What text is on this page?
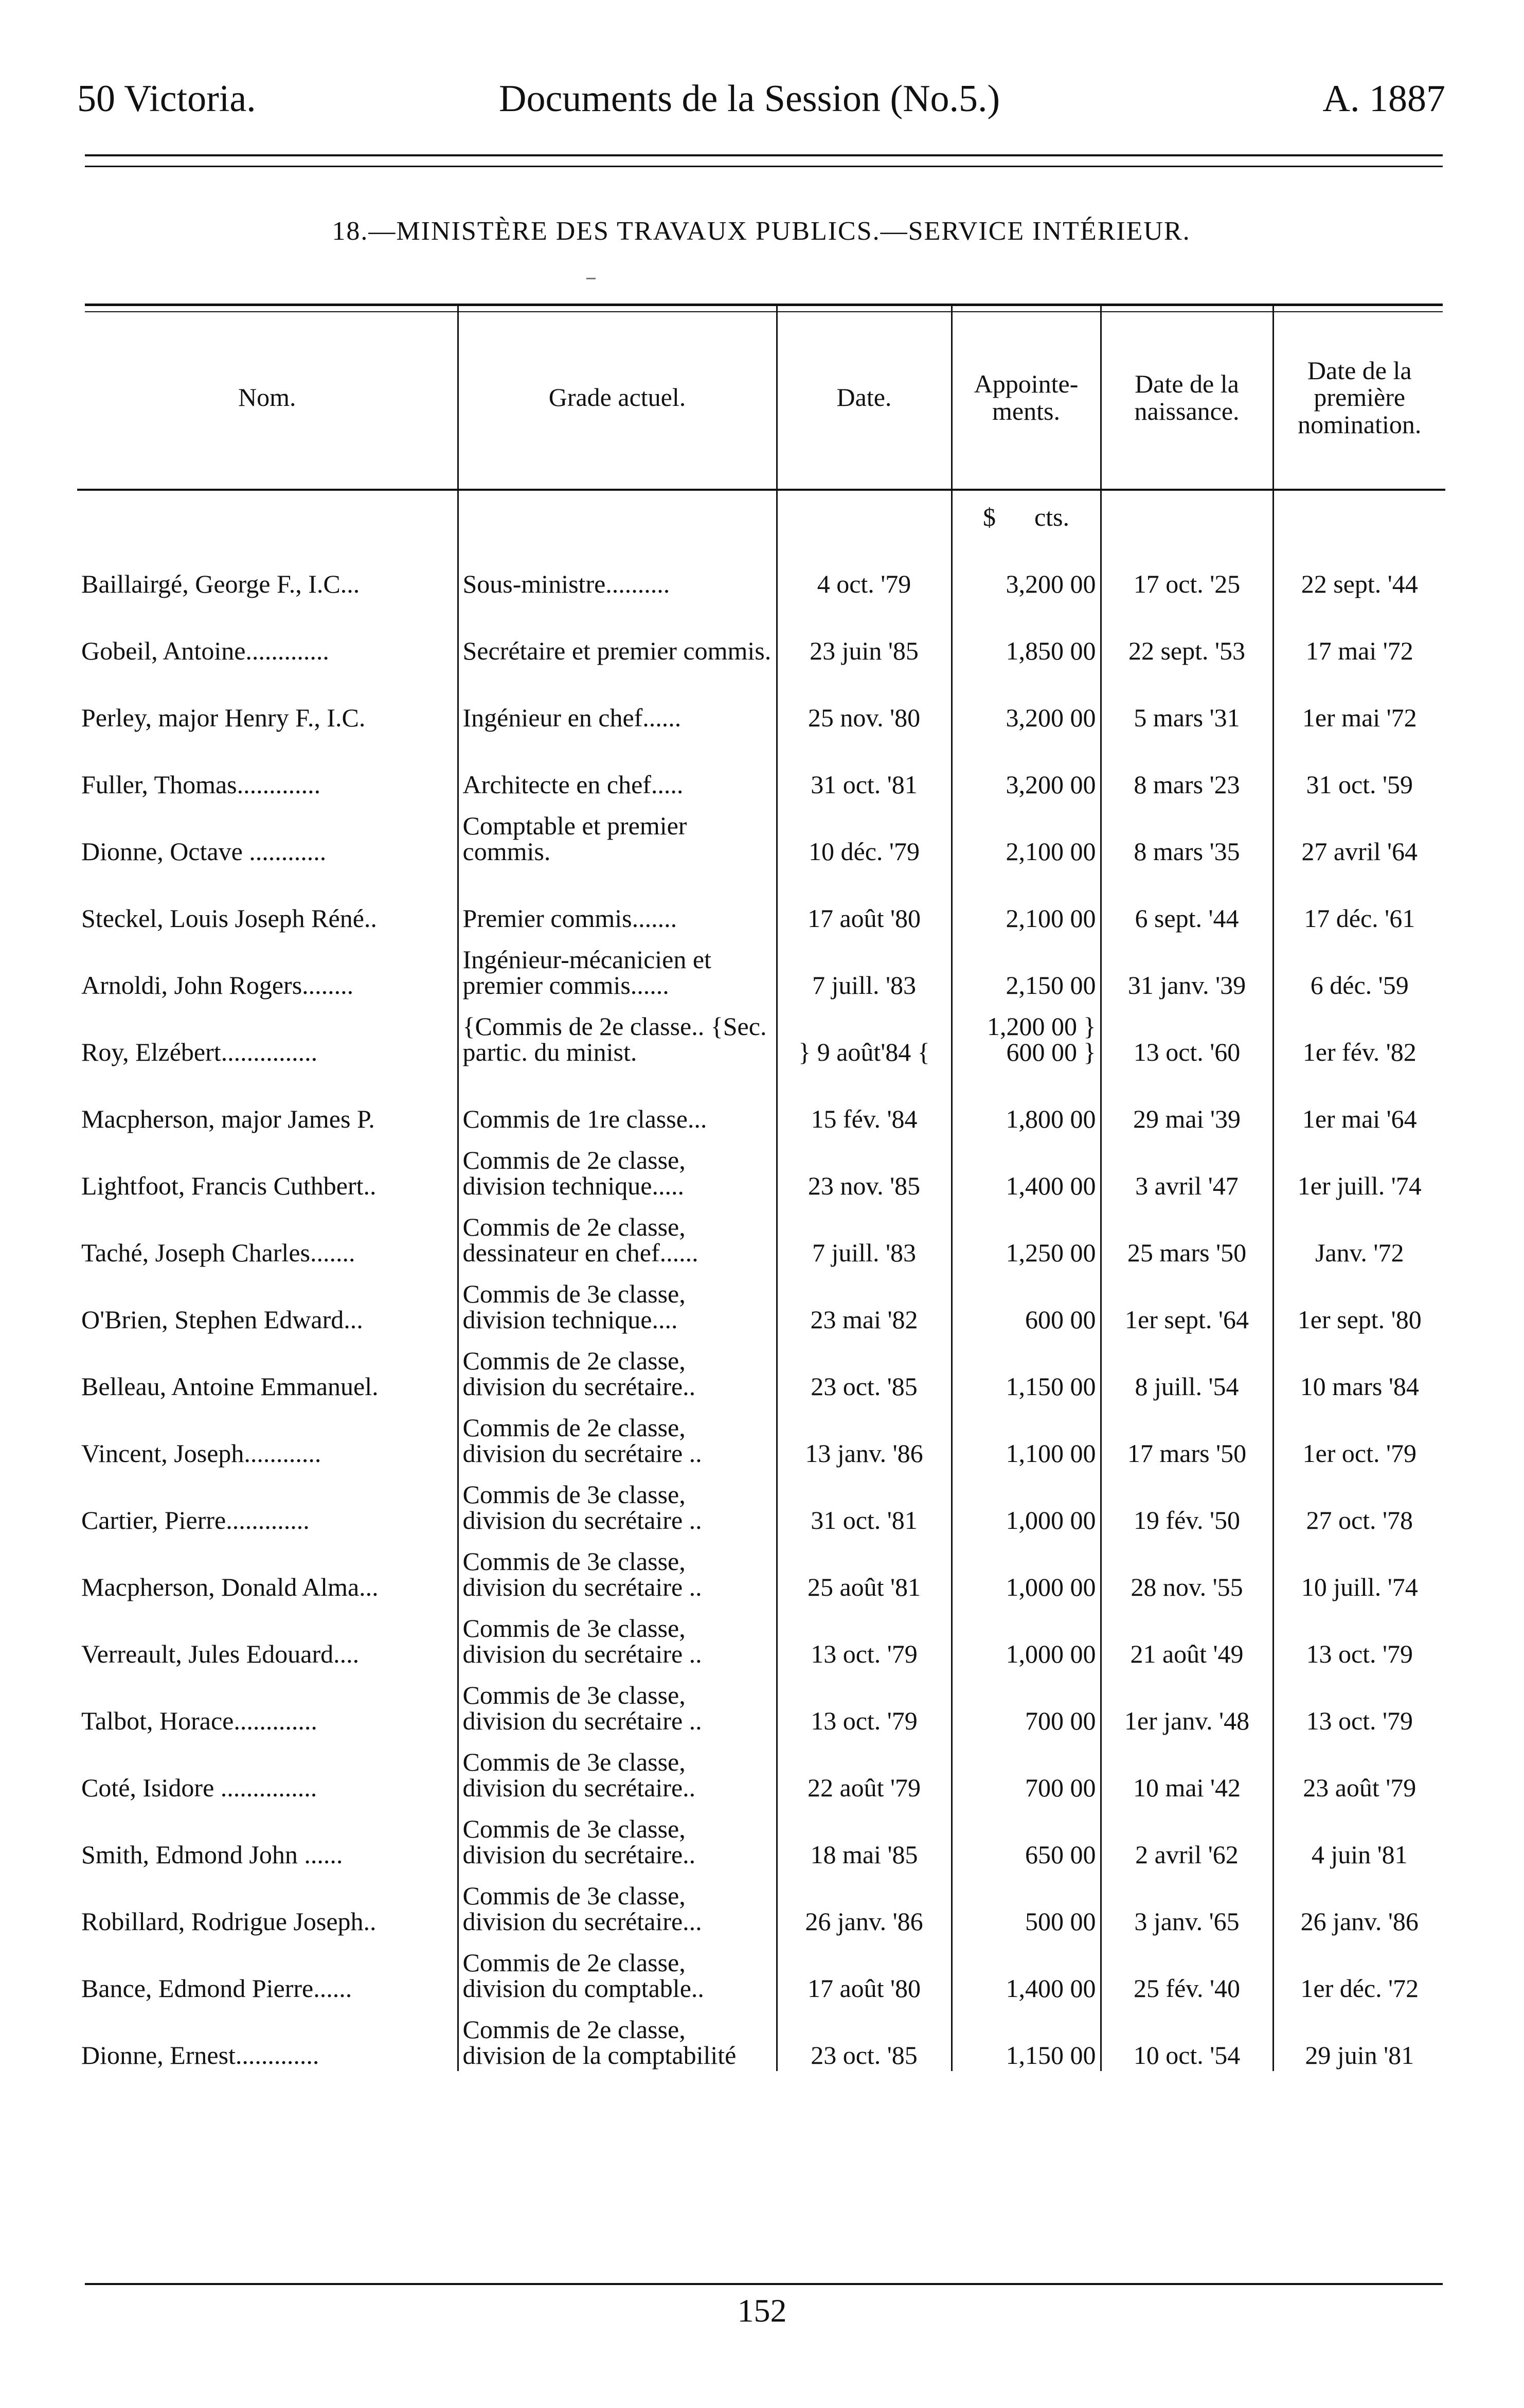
50 Victoria.	Documents de la Session (No.5.)	A. 1887
18.—MINISTÈRE DES TRAVAUX PUBLICS.—SERVICE INTÉRIEUR.
Nom.	Grade actuel.	Date.	Appointe-ments.	Date de la naissance.	Date de la première nomination.
			$ cts.		
Baillairgé, George F., I.C...	Sous-ministre..........	4 oct. '79	3,200 00	17 oct. '25	22 sept. '44
Gobeil, Antoine.............	Secrétaire et premier commis.	23 juin '85	1,850 00	22 sept. '53	17 mai '72
Perley, major Henry F., I.C.	Ingénieur en chef......	25 nov. '80	3,200 00	5 mars '31	1er mai '72
Fuller, Thomas.............	Architecte en chef.....	31 oct. '81	3,200 00	8 mars '23	31 oct. '59
Dionne, Octave ............	Comptable et premier commis.	10 déc. '79	2,100 00	8 mars '35	27 avril '64
Steckel, Louis Joseph Réné..	Premier commis.......	17 août '80	2,100 00	6 sept. '44	17 déc. '61
Arnoldi, John Rogers........	Ingénieur-mécanicien et premier commis......	7 juill. '83	2,150 00	31 janv. '39	6 déc. '59
Roy, Elzébert...............	{Commis de 2e classe.. {Sec. partic. du minist.	} 9 août'84 {	1,200 00 } 600 00 }	13 oct. '60	1er fév. '82
Macpherson, major James P.	Commis de 1re classe...	15 fév. '84	1,800 00	29 mai '39	1er mai '64
Lightfoot, Francis Cuthbert..	Commis de 2e classe, division technique.....	23 nov. '85	1,400 00	3 avril '47	1er juill. '74
Taché, Joseph Charles.......	Commis de 2e classe, dessinateur en chef......	7 juill. '83	1,250 00	25 mars '50	Janv. '72
O'Brien, Stephen Edward...	Commis de 3e classe, division technique....	23 mai '82	600 00	1er sept. '64	1er sept. '80
Belleau, Antoine Emmanuel.	Commis de 2e classe, division du secrétaire..	23 oct. '85	1,150 00	8 juill. '54	10 mars '84
Vincent, Joseph............	Commis de 2e classe, division du secrétaire ..	13 janv. '86	1,100 00	17 mars '50	1er oct. '79
Cartier, Pierre.............	Commis de 3e classe, division du secrétaire ..	31 oct. '81	1,000 00	19 fév. '50	27 oct. '78
Macpherson, Donald Alma...	Commis de 3e classe, division du secrétaire ..	25 août '81	1,000 00	28 nov. '55	10 juill. '74
Verreault, Jules Edouard....	Commis de 3e classe, division du secrétaire ..	13 oct. '79	1,000 00	21 août '49	13 oct. '79
Talbot, Horace.............	Commis de 3e classe, division du secrétaire ..	13 oct. '79	700 00	1er janv. '48	13 oct. '79
Coté, Isidore ...............	Commis de 3e classe, division du secrétaire..	22 août '79	700 00	10 mai '42	23 août '79
Smith, Edmond John ......	Commis de 3e classe, division du secrétaire..	18 mai '85	650 00	2 avril '62	4 juin '81
Robillard, Rodrigue Joseph..	Commis de 3e classe, division du secrétaire...	26 janv. '86	500 00	3 janv. '65	26 janv. '86
Bance, Edmond Pierre......	Commis de 2e classe, division du comptable..	17 août '80	1,400 00	25 fév. '40	1er déc. '72
Dionne, Ernest.............	Commis de 2e classe, division de la comptabilité	23 oct. '85	1,150 00	10 oct. '54	29 juin '81
152
